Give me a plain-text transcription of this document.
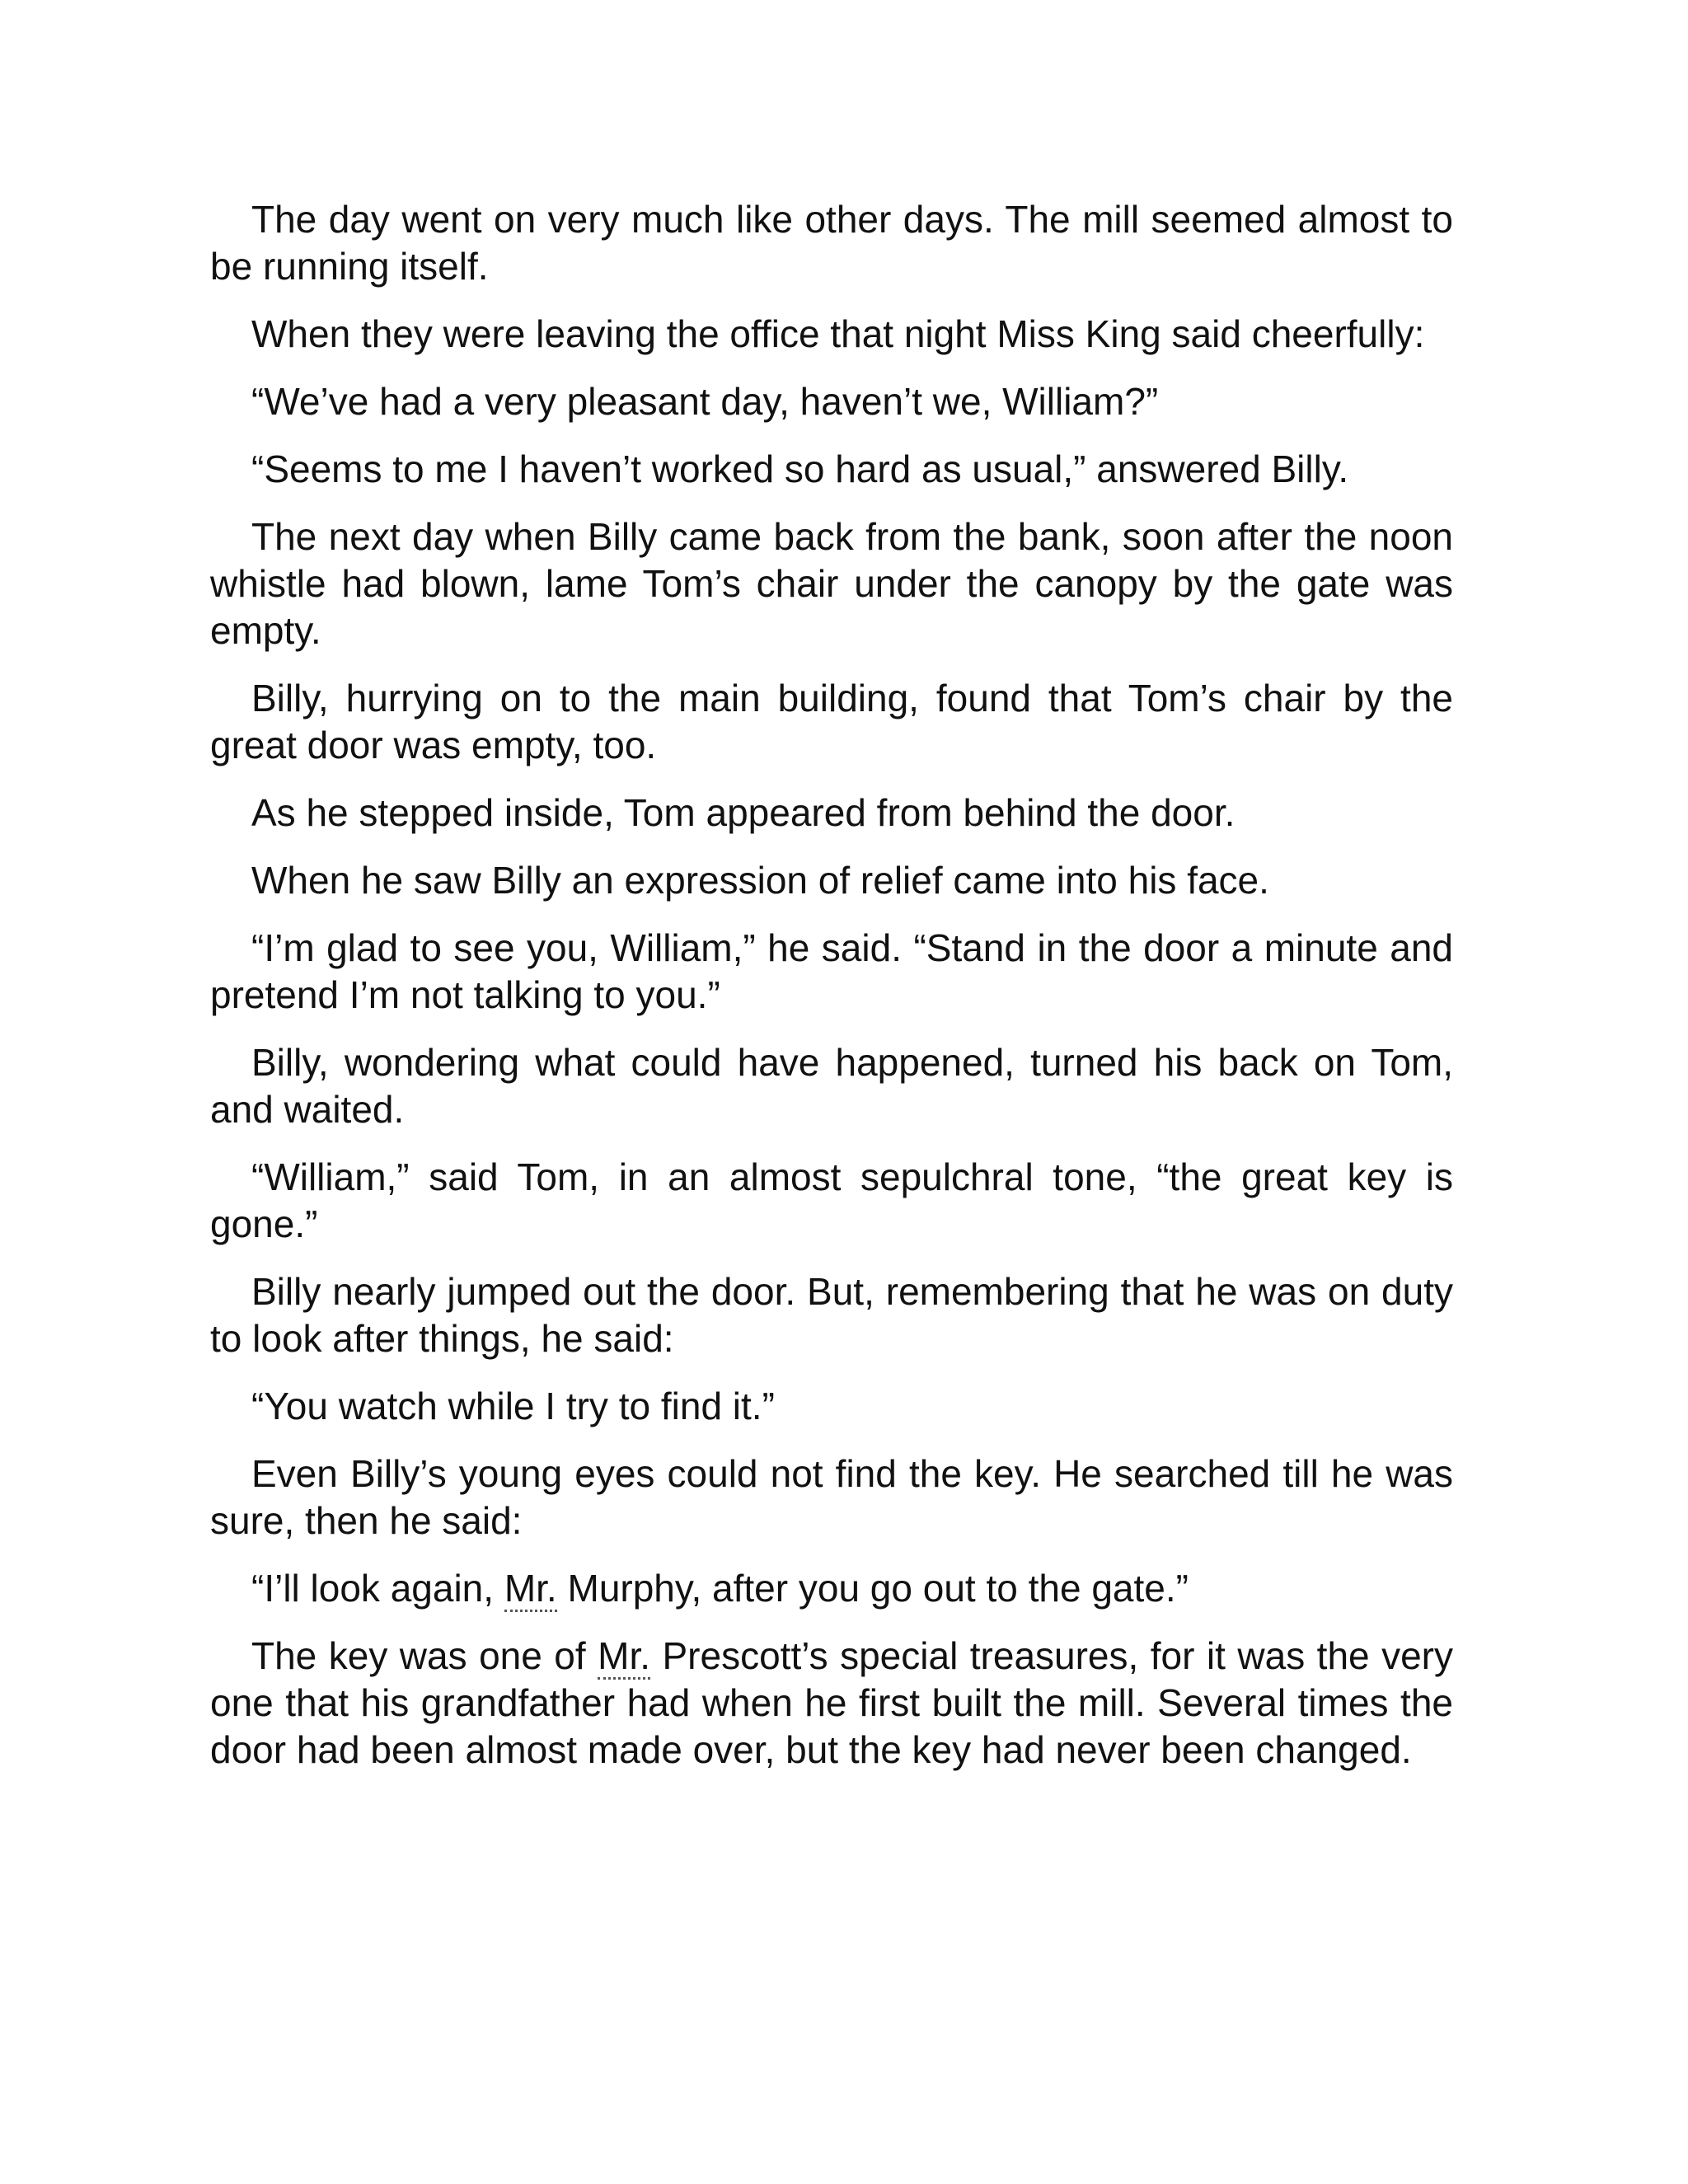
The day went on very much like other days. The mill seemed almost to be running itself.

When they were leaving the office that night Miss King said cheerfully:

“We’ve had a very pleasant day, haven’t we, William?”

“Seems to me I haven’t worked so hard as usual,” answered Billy.

The next day when Billy came back from the bank, soon after the noon whistle had blown, lame Tom’s chair under the canopy by the gate was empty.

Billy, hurrying on to the main building, found that Tom’s chair by the great door was empty, too.

As he stepped inside, Tom appeared from behind the door.

When he saw Billy an expression of relief came into his face.

“I’m glad to see you, William,” he said. “Stand in the door a minute and pretend I’m not talking to you.”

Billy, wondering what could have happened, turned his back on Tom, and waited.

“William,” said Tom, in an almost sepulchral tone, “the great key is gone.”

Billy nearly jumped out the door. But, remembering that he was on duty to look after things, he said:

“You watch while I try to find it.”

Even Billy’s young eyes could not find the key. He searched till he was sure, then he said:

“I’ll look again, Mr. Murphy, after you go out to the gate.”

The key was one of Mr. Prescott’s special treasures, for it was the very one that his grandfather had when he first built the mill. Several times the door had been almost made over, but the key had never been changed.
